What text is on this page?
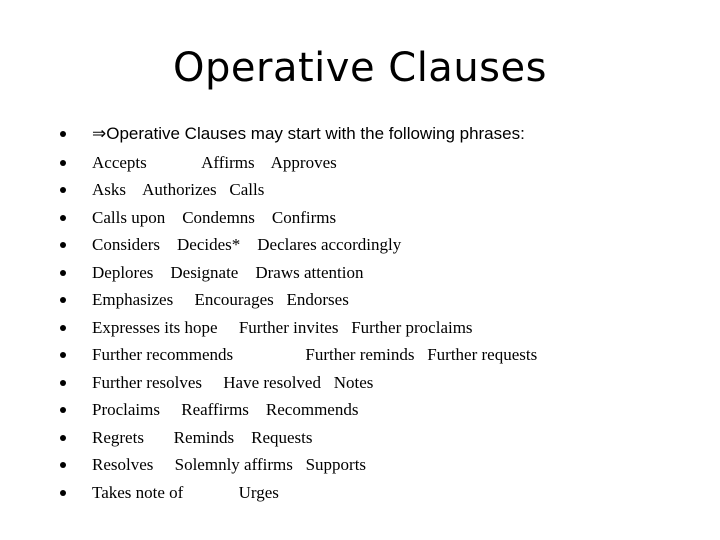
Operative Clauses
⇒Operative Clauses may start with the following phrases:
Accepts             Affirms    Approves
Asks    Authorizes   Calls
Calls upon    Condemns    Confirms
Considers    Decides*    Declares accordingly
Deplores    Designate    Draws attention
Emphasizes     Encourages   Endorses
Expresses its hope     Further invites   Further proclaims
Further recommends                 Further reminds   Further requests
Further resolves     Have resolved   Notes
Proclaims     Reaffirms    Recommends
Regrets       Reminds    Requests
Resolves     Solemnly affirms   Supports
Takes note of             Urges
